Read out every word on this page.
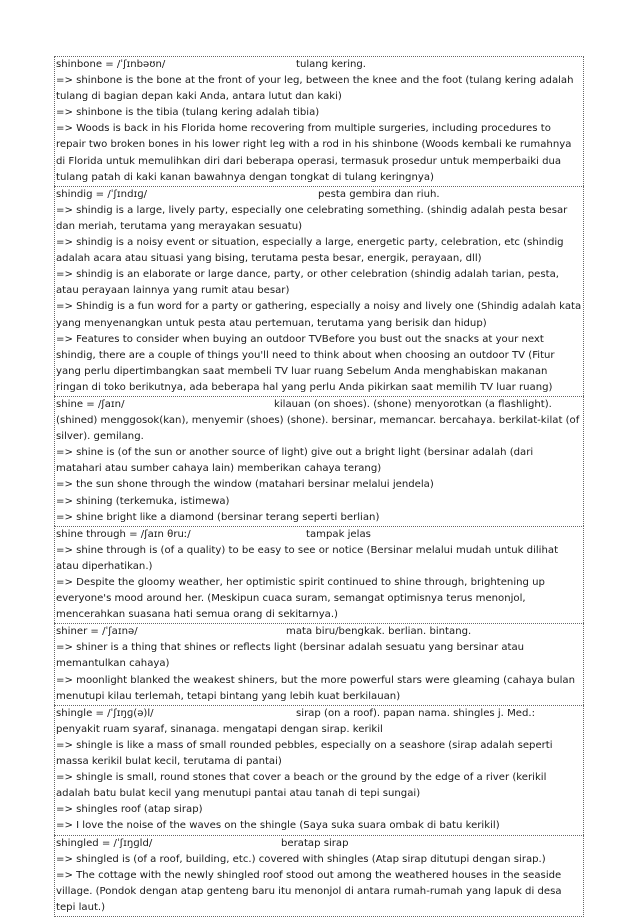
shinbone = /ˈʃɪnbəʊn/	tulang kering.
=> shinbone is the bone at the front of your leg, between the knee and the foot (tulang kering adalah tulang di bagian depan kaki Anda, antara lutut dan kaki)
=> shinbone is the tibia (tulang kering adalah tibia)
=> Woods is back in his Florida home recovering from multiple surgeries, including procedures to repair two broken bones in his lower right leg with a rod in his shinbone (Woods kembali ke rumahnya di Florida untuk memulihkan diri dari beberapa operasi, termasuk prosedur untuk memperbaiki dua tulang patah di kaki kanan bawahnya dengan tongkat di tulang keringnya)
shindig = /ˈʃɪndɪɡ/	pesta gembira dan riuh.
=> shindig is a large, lively party, especially one celebrating something. (shindig adalah pesta besar dan meriah, terutama yang merayakan sesuatu)
=> shindig is a noisy event or situation, especially a large, energetic party, celebration, etc (shindig adalah acara atau situasi yang bising, terutama pesta besar, energik, perayaan, dll)
=> shindig is an elaborate or large dance, party, or other celebration (shindig adalah tarian, pesta, atau perayaan lainnya yang rumit atau besar)
=> Shindig is a fun word for a party or gathering, especially a noisy and lively one (Shindig adalah kata yang menyenangkan untuk pesta atau pertemuan, terutama yang berisik dan hidup)
=> Features to consider when buying an outdoor TVBefore you bust out the snacks at your next shindig, there are a couple of things you'll need to think about when choosing an outdoor TV (Fitur yang perlu dipertimbangkan saat membeli TV luar ruang Sebelum Anda menghabiskan makanan ringan di toko berikutnya, ada beberapa hal yang perlu Anda pikirkan saat memilih TV luar ruang)
shine = /ʃaɪn/	kilauan (on shoes). (shone) menyorotkan (a flashlight). (shined) menggosok(kan), menyemir (shoes) (shone). bersinar, memancar. bercahaya. berkilat-kilat (of silver). gemilang.
=> shine is (of the sun or another source of light) give out a bright light (bersinar adalah (dari matahari atau sumber cahaya lain) memberikan cahaya terang)
=> the sun shone through the window (matahari bersinar melalui jendela)
=> shining (terkemuka, istimewa)
=> shine bright like a diamond (bersinar terang seperti berlian)
shine through = /ʃaɪn θruː/	tampak jelas
=> shine through is (of a quality) to be easy to see or notice (Bersinar melalui mudah untuk dilihat atau diperhatikan.)
=> Despite the gloomy weather, her optimistic spirit continued to shine through, brightening up everyone's mood around her. (Meskipun cuaca suram, semangat optimisnya terus menonjol, mencerahkan suasana hati semua orang di sekitarnya.)
shiner = /ˈʃaɪnə/	mata biru/bengkak. berlian. bintang.
=> shiner is a thing that shines or reflects light (bersinar adalah sesuatu yang bersinar atau memantulkan cahaya)
=> moonlight blanked the weakest shiners, but the more powerful stars were gleaming (cahaya bulan menutupi kilau terlemah, tetapi bintang yang lebih kuat berkilauan)
shingle = /ˈʃɪŋɡ(ə)l/	sirap (on a roof). papan nama. shingles j. Med.: penyakit ruam syaraf, sinanaga. mengatapi dengan sirap. kerikil
=> shingle is like a mass of small rounded pebbles, especially on a seashore (sirap adalah seperti massa kerikil bulat kecil, terutama di pantai)
=> shingle is small, round stones that cover a beach or the ground by the edge of a river (kerikil adalah batu bulat kecil yang menutupi pantai atau tanah di tepi sungai)
=> shingles roof (atap sirap)
=> I love the noise of the waves on the shingle (Saya suka suara ombak di batu kerikil)
shingled = /ˈʃɪŋɡld/	beratap sirap
=> shingled is (of a roof, building, etc.) covered with shingles (Atap sirap ditutupi dengan sirap.)
=> The cottage with the newly shingled roof stood out among the weathered houses in the seaside village. (Pondok dengan atap genteng baru itu menonjol di antara rumah-rumah yang lapuk di desa tepi laut.)
